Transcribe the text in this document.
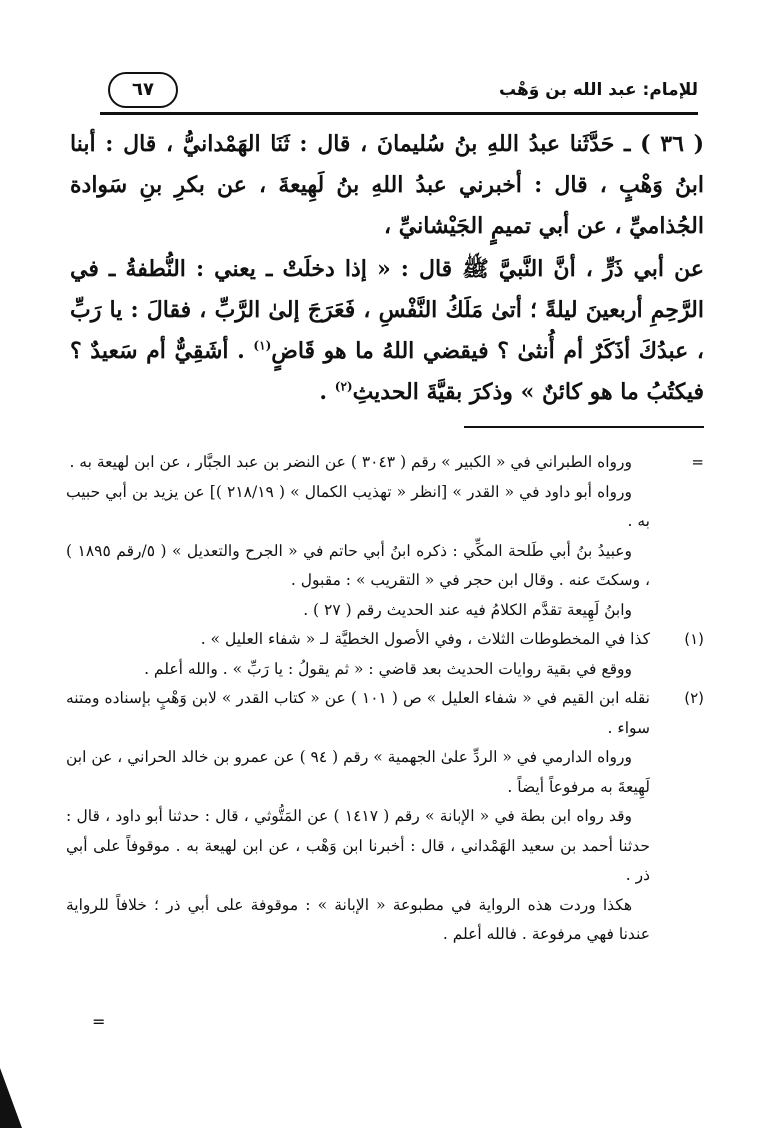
للإمام: عبد الله بن وَهْب
٦٧

( ٣٦ ) ـ حَدَّثَنا عبدُ اللهِ بنُ سُليمانَ ، قال : ثَنَا الهَمْدانيُّ ، قال : أبنا ابنُ وَهْبٍ ، قال : أخبرني عبدُ اللهِ بنُ لَهِيعةَ ، عن بكرِ بنِ سَوادة الجُذاميِّ ، عن أبي تميمٍ الجَيْشانيِّ ،

عن أبي ذَرٍّ ، أنَّ النَّبيَّ ﷺ قال : « إذا دخلَتْ ـ يعني : النُّطفةُ ـ في الرَّحِمِ أربعينَ ليلةً ؛ أتىٰ مَلَكُ النَّفْسِ ، فَعَرَجَ إلىٰ الرَّبِّ ، فقالَ : يا رَبِّ ، عبدُكَ أذَكَرٌ أم أُنثىٰ ؟ فيقضي اللهُ ما هو قَاضٍ$^{(١)}$ . أشَقِيٌّ أم سَعيدٌ ؟ فيكتُبُ ما هو كائنٌ » وذكرَ بقيَّةَ الحديثِ$^{(٢)}$ .

=

ورواه الطبراني في « الكبير » رقم ( ٣٠٤٣ ) عن النضر بن عبد الجبَّار ، عن ابن لهيعة به .

ورواه أبو داود في « القدر » [انظر « تهذيب الكمال » ( ٢١٨/١٩ )] عن يزيد بن أبي حبيب به .

وعبيدُ بنُ أبي طَلحة المكِّي : ذكره ابنُ أبي حاتم في « الجرح والتعديل » ( ٥/رقم ١٨٩٥ ) ، وسكتَ عنه . وقال ابن حجر في « التقريب » : مقبول .

وابنُ لَهِيعة تقدَّم الكلامُ فيه عند الحديث رقم ( ٢٧ ) .

(١)

كذا في المخطوطات الثلاث ، وفي الأصول الخطيَّة لـ « شفاء العليل » .

ووقع في بقية روايات الحديث بعد قاضي : « ثم يقولُ : يا رَبِّ » . والله أعلم .

(٢)

نقله ابن القيم في « شفاء العليل » ص ( ١٠١ ) عن « كتاب القدر » لابن وَهْبٍ بإسناده ومتنه سواء .

ورواه الدارمي في « الردِّ علىٰ الجهمية » رقم ( ٩٤ ) عن عمرو بن خالد الحراني ، عن ابن لَهِيعةَ به مرفوعاً أيضاً .

وقد رواه ابن بطة في « الإبانة » رقم ( ١٤١٧ ) عن المَتُّوثي ، قال : حدثنا أبو داود ، قال : حدثنا أحمد بن سعيد الهَمْداني ، قال : أخبرنا ابن وَهْب ، عن ابن لهيعة به . موقوفاً على أبي ذر .

هكذا وردت هذه الرواية في مطبوعة « الإبانة » : موقوفة على أبي ذر ؛ خلافاً للرواية عندنا فهي مرفوعة . فالله أعلم .

=
